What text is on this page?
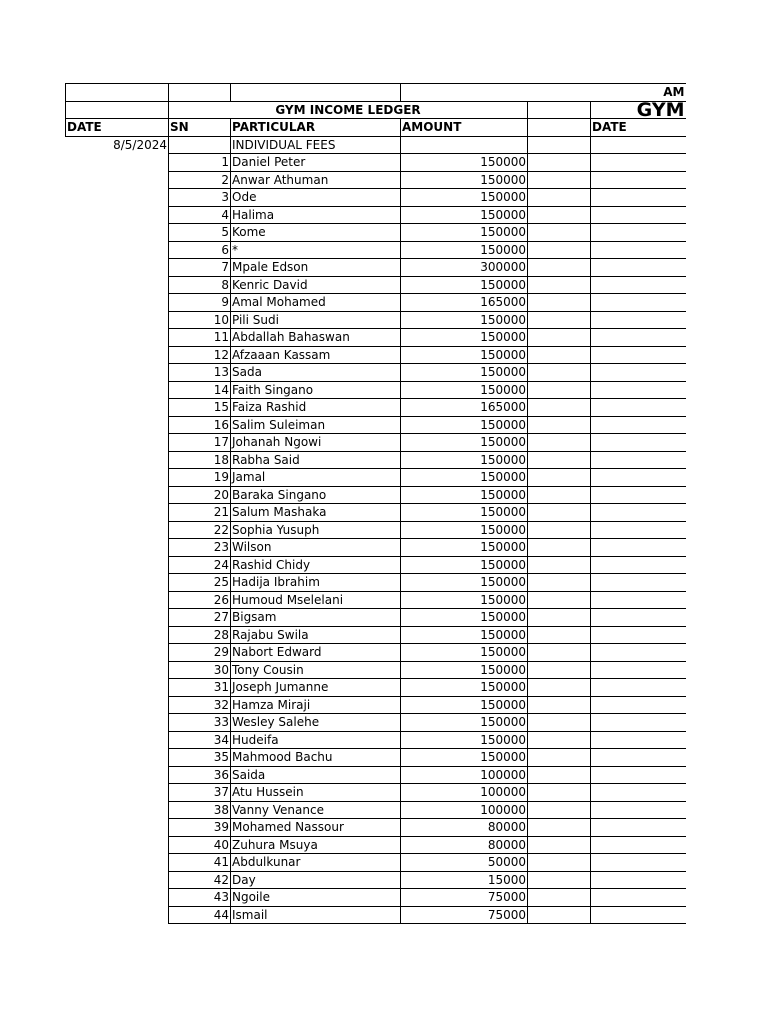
			AM		
	GYM INCOME LEDGER				GYM
DATE	SN	PARTICULAR	AMOUNT		DATE
8/5/2024		INDIVIDUAL FEES			
	1	Daniel Peter	150000		
	2	Anwar Athuman	150000		
	3	Ode	150000		
	4	Halima	150000		
	5	Kome	150000		
	6	*	150000		
	7	Mpale Edson	300000		
	8	Kenric David	150000		
	9	Amal Mohamed	165000		
	10	Pili Sudi	150000		
	11	Abdallah Bahaswan	150000		
	12	Afzaaan Kassam	150000		
	13	Sada	150000		
	14	Faith Singano	150000		
	15	Faiza Rashid	165000		
	16	Salim Suleiman	150000		
	17	Johanah Ngowi	150000		
	18	Rabha Said	150000		
	19	Jamal	150000		
	20	Baraka Singano	150000		
	21	Salum Mashaka	150000		
	22	Sophia Yusuph	150000		
	23	Wilson	150000		
	24	Rashid Chidy	150000		
	25	Hadija Ibrahim	150000		
	26	Humoud Mselelani	150000		
	27	Bigsam	150000		
	28	Rajabu Swila	150000		
	29	Nabort Edward	150000		
	30	Tony Cousin	150000		
	31	Joseph Jumanne	150000		
	32	Hamza Miraji	150000		
	33	Wesley Salehe	150000		
	34	Hudeifa	150000		
	35	Mahmood Bachu	150000		
	36	Saida	100000		
	37	Atu Hussein	100000		
	38	Vanny Venance	100000		
	39	Mohamed Nassour	80000		
	40	Zuhura Msuya	80000		
	41	Abdulkunar	50000		
	42	Day	15000		
	43	Ngoile	75000		
	44	Ismail	75000		
